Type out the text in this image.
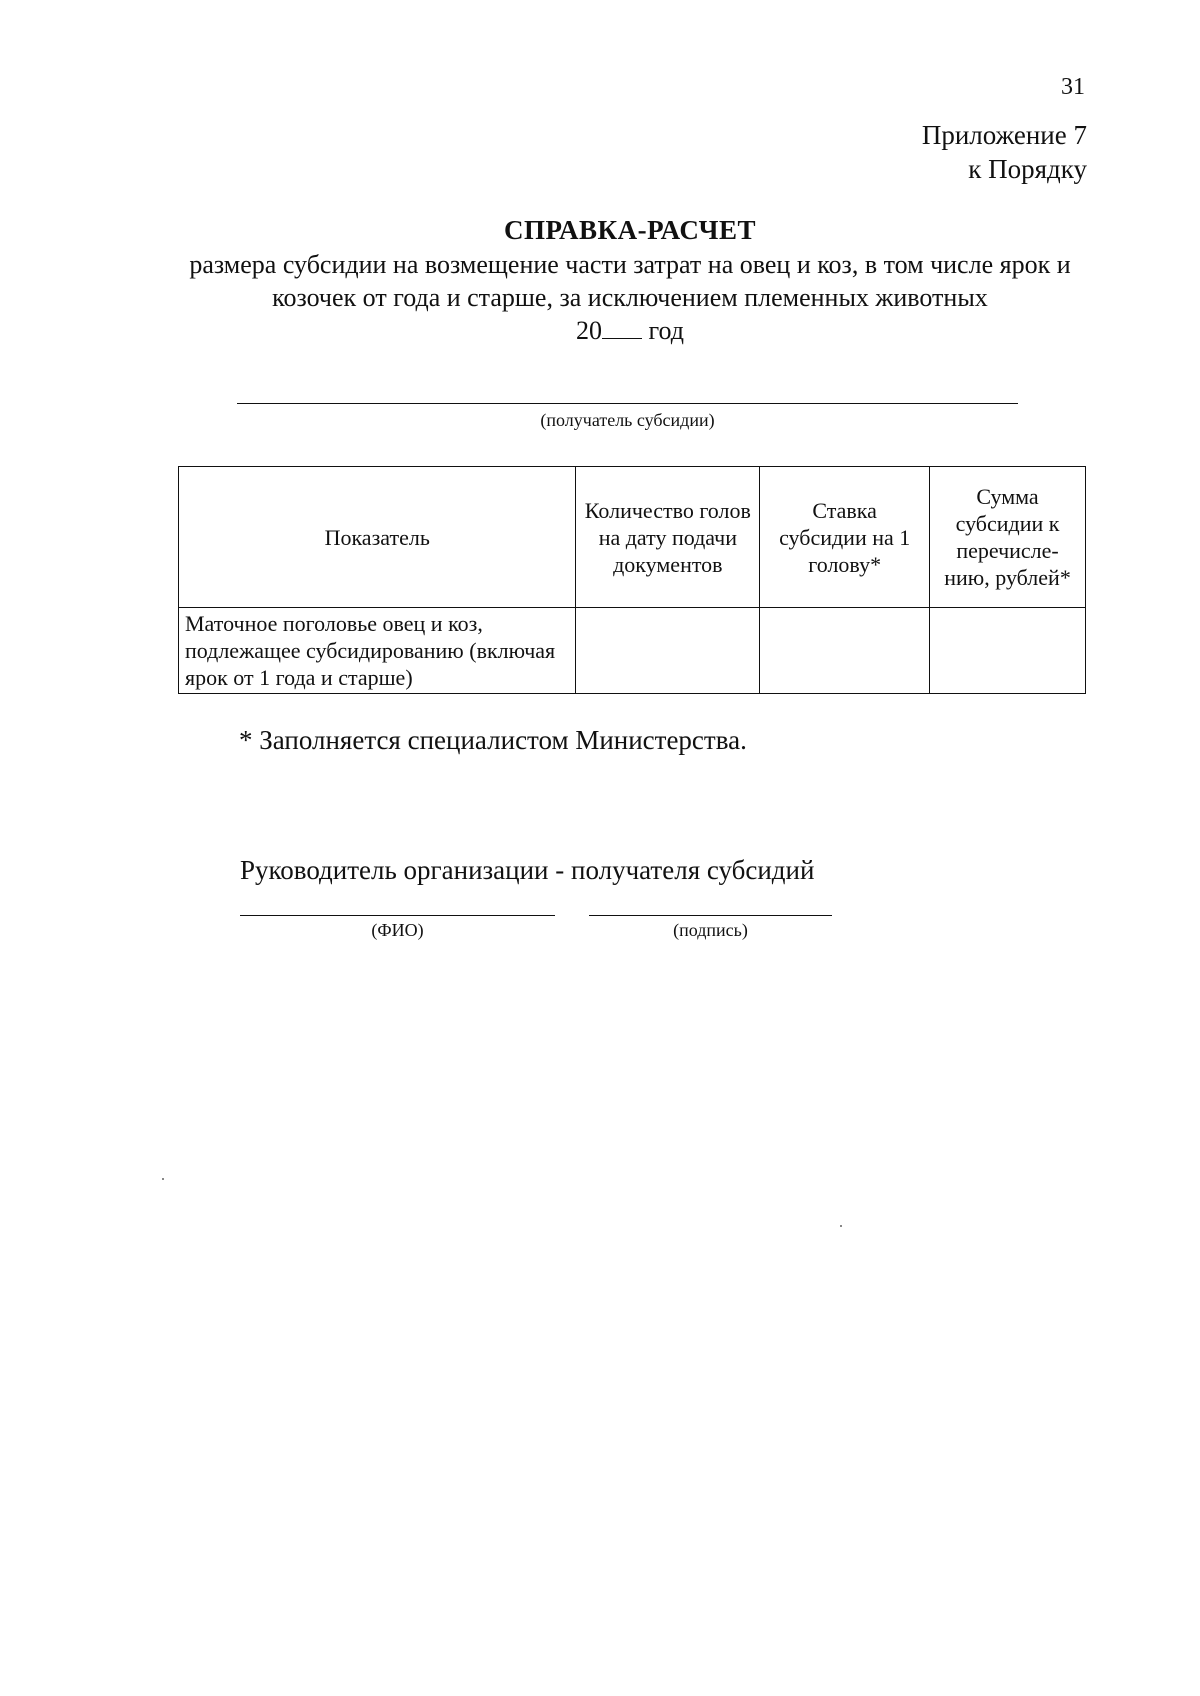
31
Приложение 7
к Порядку
СПРАВКА-РАСЧЕТ
размера субсидии на возмещение части затрат на овец и коз, в том числе ярок и козочек от года и старше, за исключением племенных животных
20 год
(получатель субсидии)
Показатель	Количество голов на дату подачи документов	Ставка субсидии на 1 голову*	Сумма субсидии к перечисле-нию, рублей*
Маточное поголовье овец и коз, подлежащее субсидированию (включая ярок от 1 года и старше)			
* Заполняется специалистом Министерства.
Руководитель организации - получателя субсидий
(ФИО)	(подпись)
